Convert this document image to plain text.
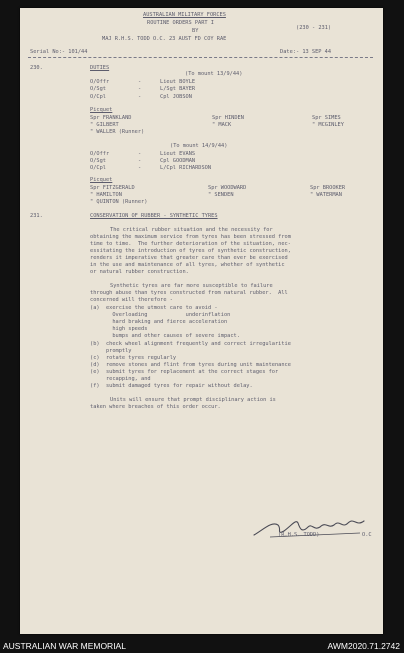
AUSTRALIAN MILITARY FORCES
ROUTINE ORDERS PART I
BY	(230 - 231)
MAJ R.H.S. TODD O.C. 23 AUST FD COY RAE
Serial No:- 101/44	Date:- 13 SEP 44
230.	DUTIES
(To mount 13/9/44)
O/Offr	-	Lieut BOYLE
O/Sgt	-	L/Sgt BAYER
O/Cpl	-	Cpl JOBSON
Picquet
Spr FRANKLAND	Spr HINDEN	Spr SIMES
" GILBERT	" MACK	" MCGINLEY
" WALLER (Runner)
(To mount 14/9/44)
O/Offr	-	Lieut EVANS
O/Sgt	-	Cpl GOODMAN
O/Cpl	-	L/Cpl RICHARDSON
Picquet
Spr FITZGERALD	Spr WOODWARD	Spr BROOKER
" HAMILTON	" SENDEN	" WATERMAN
" QUINTON (Runner)
231.	CONSERVATION OF RUBBER - SYNTHETIC TYRES
The critical rubber situation and the necessity for
obtaining the maximum service from tyres has been stressed from
time to time.  The further deterioration of the situation, nec-
essitating the introduction of tyres of synthetic construction,
renders it imperative that greater care than ever be exercised
in the use and maintenance of all tyres, whether of synthetic
or natural rubber construction.
Synthetic tyres are far more susceptible to failure
through abuse than tyres constructed from natural rubber.  All
concerned will therefore -
(a)  exercise the utmost care to avoid -
Overloading            underinflation
hard braking and fierce acceleration
high speeds
bumps and other causes of severe impact.
(b)  check wheel alignment frequently and correct irregularitie
promptly
(c)  rotate tyres regularly
(d)  remove stones and flint from tyres during unit maintenance
(e)  submit tyres for replacement at the correct stages for
recapping, and
(f)  submit damaged tyres for repair without delay.
Units will ensure that prompt disciplinary action is
taken where breaches of this order occur.
(R.H.S. TODD)	O.C
AUSTRALIAN WAR MEMORIAL	AWM2020.71.2742
